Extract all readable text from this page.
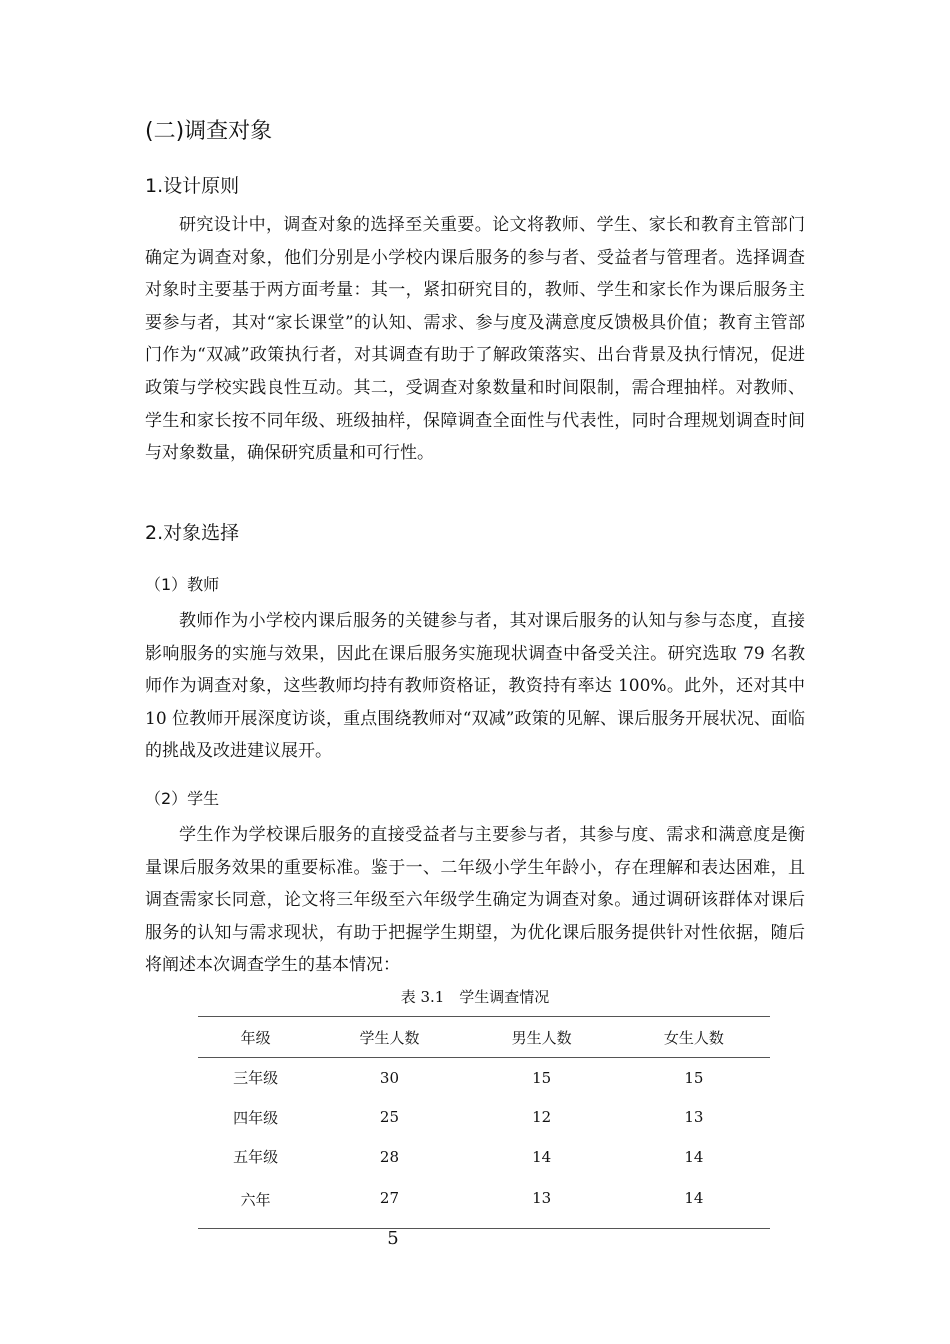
(二)调查对象
1.设计原则

研究设计中，调查对象的选择至关重要。论文将教师、学生、家长和教育主管部门确定为调查对象，他们分别是小学校内课后服务的参与者、受益者与管理者。选择调查对象时主要基于两方面考量：其一，紧扣研究目的，教师、学生和家长作为课后服务主要参与者，其对“家长课堂”的认知、需求、参与度及满意度反馈极具价值；教育主管部门作为“双减”政策执行者，对其调查有助于了解政策落实、出台背景及执行情况，促进政策与学校实践良性互动。其二，受调查对象数量和时间限制，需合理抽样。对教师、学生和家长按不同年级、班级抽样，保障调查全面性与代表性，同时合理规划调查时间与对象数量，确保研究质量和可行性。

2.对象选择
（1）教师

教师作为小学校内课后服务的关键参与者，其对课后服务的认知与参与态度，直接影响服务的实施与效果，因此在课后服务实施现状调查中备受关注。研究选取 79 名教师作为调查对象，这些教师均持有教师资格证，教资持有率达 100%。此外，还对其中 10 位教师开展深度访谈，重点围绕教师对“双减”政策的见解、课后服务开展状况、面临的挑战及改进建议展开。

（2）学生

学生作为学校课后服务的直接受益者与主要参与者，其参与度、需求和满意度是衡量课后服务效果的重要标准。鉴于一、二年级小学生年龄小，存在理解和表达困难，且调查需家长同意，论文将三年级至六年级学生确定为调查对象。通过调研该群体对课后服务的认知与需求现状，有助于把握学生期望，为优化课后服务提供针对性依据，随后将阐述本次调查学生的基本情况：

表 3.1　学生调查情况
年级	学生人数	男生人数	女生人数
三年级	30	15	15
四年级	25	12	13
五年级	28	14	14
六年	27	13	14
5
